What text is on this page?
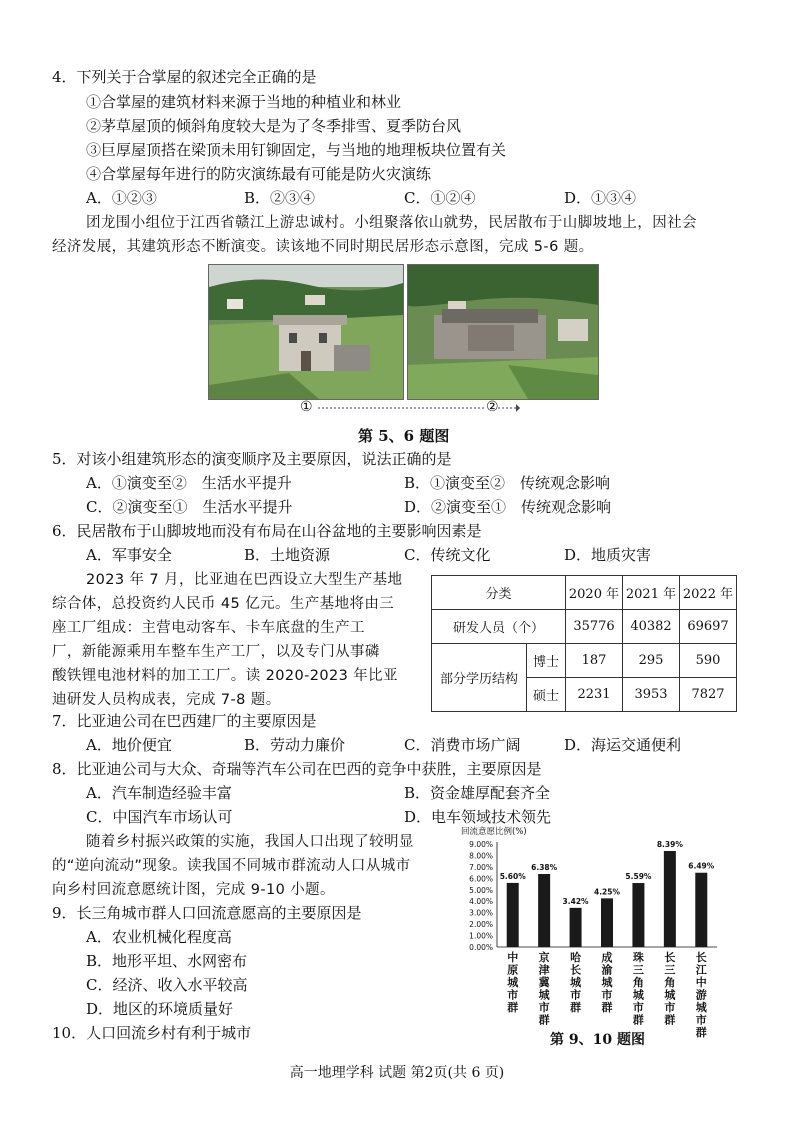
4．下列关于合掌屋的叙述完全正确的是
①合掌屋的建筑材料来源于当地的种植业和林业
②茅草屋顶的倾斜角度较大是为了冬季排雪、夏季防台风
③巨厚屋顶搭在梁顶未用钉铆固定，与当地的地理板块位置有关
④合掌屋每年进行的防灾演练最有可能是防火灾演练
A．①②③	B．②③④	C．①②④	D．①③④
团龙围小组位于江西省赣江上游忠诚村。小组聚落依山就势，民居散布于山脚坡地上，因社会
经济发展，其建筑形态不断演变。读该地不同时期民居形态示意图，完成 5-6 题。
①	②
第 5、6 题图
5．对该小组建筑形态的演变顺序及主要原因，说法正确的是
A．①演变至②　生活水平提升	B．①演变至②　传统观念影响
C．②演变至①　生活水平提升	D．②演变至①　传统观念影响
6．民居散布于山脚坡地而没有布局在山谷盆地的主要影响因素是
A．军事安全	B．土地资源	C．传统文化	D．地质灾害
2023 年 7 月，比亚迪在巴西设立大型生产基地
综合体，总投资约人民币 45 亿元。生产基地将由三
座工厂组成：主营电动客车、卡车底盘的生产工
厂，新能源乘用车整车生产工厂，以及专门从事磷
酸铁锂电池材料的加工工厂。读 2020-2023 年比亚
迪研发人员构成表，完成 7-8 题。
分类		2020 年	2021 年	2022 年
研发人员（个）		35776	40382	69697
部分学历结构	博士	187	295	590
	硕士	2231	3953	7827
7．比亚迪公司在巴西建厂的主要原因是
A．地价便宜	B．劳动力廉价	C．消费市场广阔	D．海运交通便利
8．比亚迪公司与大众、奇瑞等汽车公司在巴西的竞争中获胜，主要原因是
A．汽车制造经验丰富	B．资金雄厚配套齐全
C．中国汽车市场认可	D．电车领域技术领先
随着乡村振兴政策的实施，我国人口出现了较明显
的“逆向流动”现象。读我国不同城市群流动人口从城市
向乡村回流意愿统计图，完成 9-10 小题。
9．长三角城市群人口回流意愿高的主要原因是
A．农业机械化程度高
B．地形平坦、水网密布
C．经济、收入水平较高
D．地区的环境质量好
10．人口回流乡村有利于城市
回流意愿比例(%)
0.00%
1.00%
2.00%
3.00%
4.00%
5.00%
6.00%
7.00%
8.00%
9.00%
5.60%
中
原
城
市
群
6.38%
京
津
冀
城
市
群
3.42%
哈
长
城
市
群
4.25%
成
渝
城
市
群
5.59%
珠
三
角
城
市
群
8.39%
长
三
角
城
市
群
6.49%
长
江
中
游
城
市
群
第 9、10 题图
高一地理学科 试题 第2页(共 6 页)
